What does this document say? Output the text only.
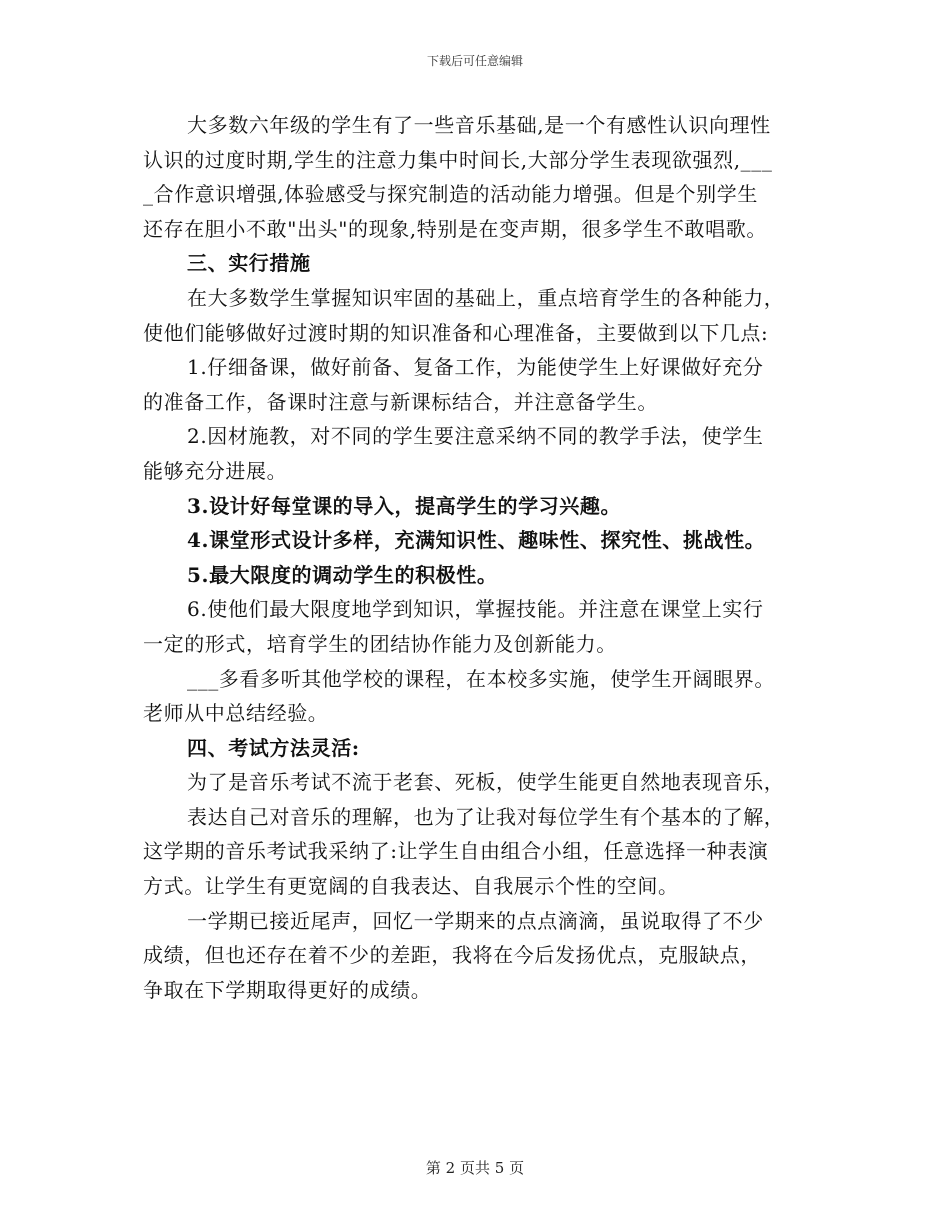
下载后可任意编辑
大多数六年级的学生有了一些音乐基础,是一个有感性认识向理性
认识的过度时期,学生的注意力集中时间长,大部分学生表现欲强烈,___
_合作意识增强,体验感受与探究制造的活动能力增强。但是个别学生
还存在胆小不敢"出头"的现象,特别是在变声期，很多学生不敢唱歌。
三、实行措施
在大多数学生掌握知识牢固的基础上，重点培育学生的各种能力，
使他们能够做好过渡时期的知识准备和心理准备，主要做到以下几点:
1.仔细备课，做好前备、复备工作，为能使学生上好课做好充分
的准备工作，备课时注意与新课标结合，并注意备学生。
2.因材施教，对不同的学生要注意采纳不同的教学手法，使学生
能够充分进展。
3.设计好每堂课的导入，提高学生的学习兴趣。
4.课堂形式设计多样，充满知识性、趣味性、探究性、挑战性。
5.最大限度的调动学生的积极性。
6.使他们最大限度地学到知识，掌握技能。并注意在课堂上实行
一定的形式，培育学生的团结协作能力及创新能力。
___多看多听其他学校的课程，在本校多实施，使学生开阔眼界。
老师从中总结经验。
四、考试方法灵活:
为了是音乐考试不流于老套、死板，使学生能更自然地表现音乐，
表达自己对音乐的理解，也为了让我对每位学生有个基本的了解，
这学期的音乐考试我采纳了:让学生自由组合小组，任意选择一种表演
方式。让学生有更宽阔的自我表达、自我展示个性的空间。
一学期已接近尾声，回忆一学期来的点点滴滴，虽说取得了不少
成绩，但也还存在着不少的差距，我将在今后发扬优点，克服缺点，
争取在下学期取得更好的成绩。
第 2 页共 5 页
